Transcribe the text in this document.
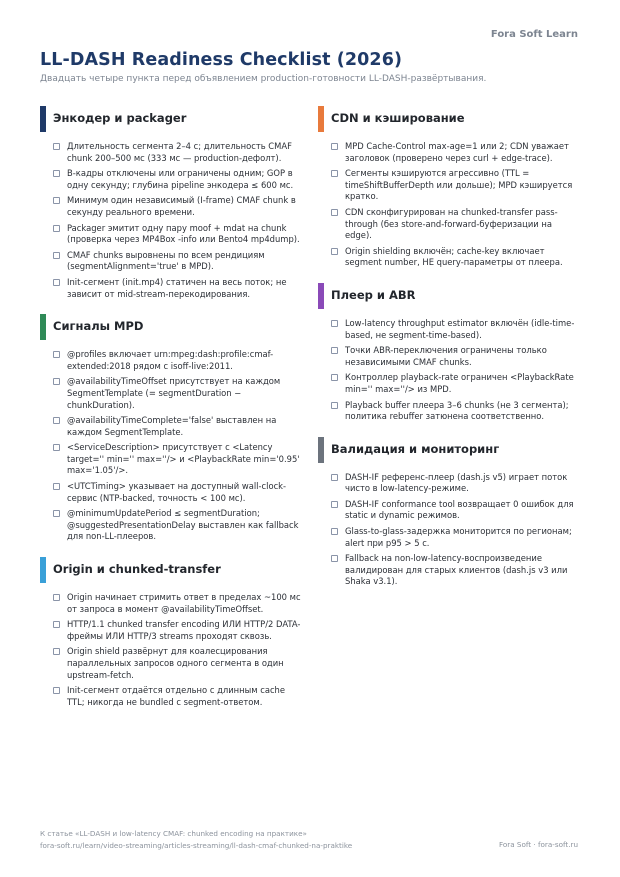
Fora Soft Learn
LL-DASH Readiness Checklist (2026)
Двадцать четыре пункта перед объявлением production-готовности LL-DASH-развёртывания.
Энкодер и packager
Длительность сегмента 2–4 с; длительность CMAF chunk 200–500 мс (333 мс — production-дефолт).
B-кадры отключены или ограничены одним; GOP в одну секунду; глубина pipeline энкодера ≤ 600 мс.
Минимум один независимый (I-frame) CMAF chunk в секунду реального времени.
Packager эмитит одну пару moof + mdat на chunk (проверка через MP4Box -info или Bento4 mp4dump).
CMAF chunks выровнены по всем рендициям (segmentAlignment='true' в MPD).
Init-сегмент (init.mp4) статичен на весь поток; не зависит от mid-stream-перекодирования.
Сигналы MPD
@profiles включает urn:mpeg:dash:profile:cmaf-extended:2018 рядом с isoff-live:2011.
@availabilityTimeOffset присутствует на каждом SegmentTemplate (= segmentDuration − chunkDuration).
@availabilityTimeComplete='false' выставлен на каждом SegmentTemplate.
<ServiceDescription> присутствует с <Latency target='' min='' max=''/> и <PlaybackRate min='0.95' max='1.05'/>.
<UTCTiming> указывает на доступный wall-clock-сервис (NTP-backed, точность < 100 мс).
@minimumUpdatePeriod ≤ segmentDuration; @suggestedPresentationDelay выставлен как fallback для non-LL-плееров.
Origin и chunked-transfer
Origin начинает стримить ответ в пределах ~100 мс от запроса в момент @availabilityTimeOffset.
HTTP/1.1 chunked transfer encoding ИЛИ HTTP/2 DATA-фреймы ИЛИ HTTP/3 streams проходят сквозь.
Origin shield развёрнут для коалесцирования параллельных запросов одного сегмента в один upstream-fetch.
Init-сегмент отдаётся отдельно с длинным cache TTL; никогда не bundled с segment-ответом.
CDN и кэширование
MPD Cache-Control max-age=1 или 2; CDN уважает заголовок (проверено через curl + edge-trace).
Сегменты кэшируются агрессивно (TTL = timeShiftBufferDepth или дольше); MPD кэшируется кратко.
CDN сконфигурирован на chunked-transfer pass-through (без store-and-forward-буферизации на edge).
Origin shielding включён; cache-key включает segment number, НЕ query-параметры от плеера.
Плеер и ABR
Low-latency throughput estimator включён (idle-time-based, не segment-time-based).
Точки ABR-переключения ограничены только независимыми CMAF chunks.
Контроллер playback-rate ограничен <PlaybackRate min='' max=''/> из MPD.
Playback buffer плеера 3–6 chunks (не 3 сегмента); политика rebuffer затюнена соответственно.
Валидация и мониторинг
DASH-IF референс-плеер (dash.js v5) играет поток чисто в low-latency-режиме.
DASH-IF conformance tool возвращает 0 ошибок для static и dynamic режимов.
Glass-to-glass-задержка мониторится по регионам; alert при p95 > 5 с.
Fallback на non-low-latency-воспроизведение валидирован для старых клиентов (dash.js v3 или Shaka v3.1).
К статье «LL-DASH и low-latency CMAF: chunked encoding на практике»
fora-soft.ru/learn/video-streaming/articles-streaming/ll-dash-cmaf-chunked-na-praktike	Fora Soft · fora-soft.ru
